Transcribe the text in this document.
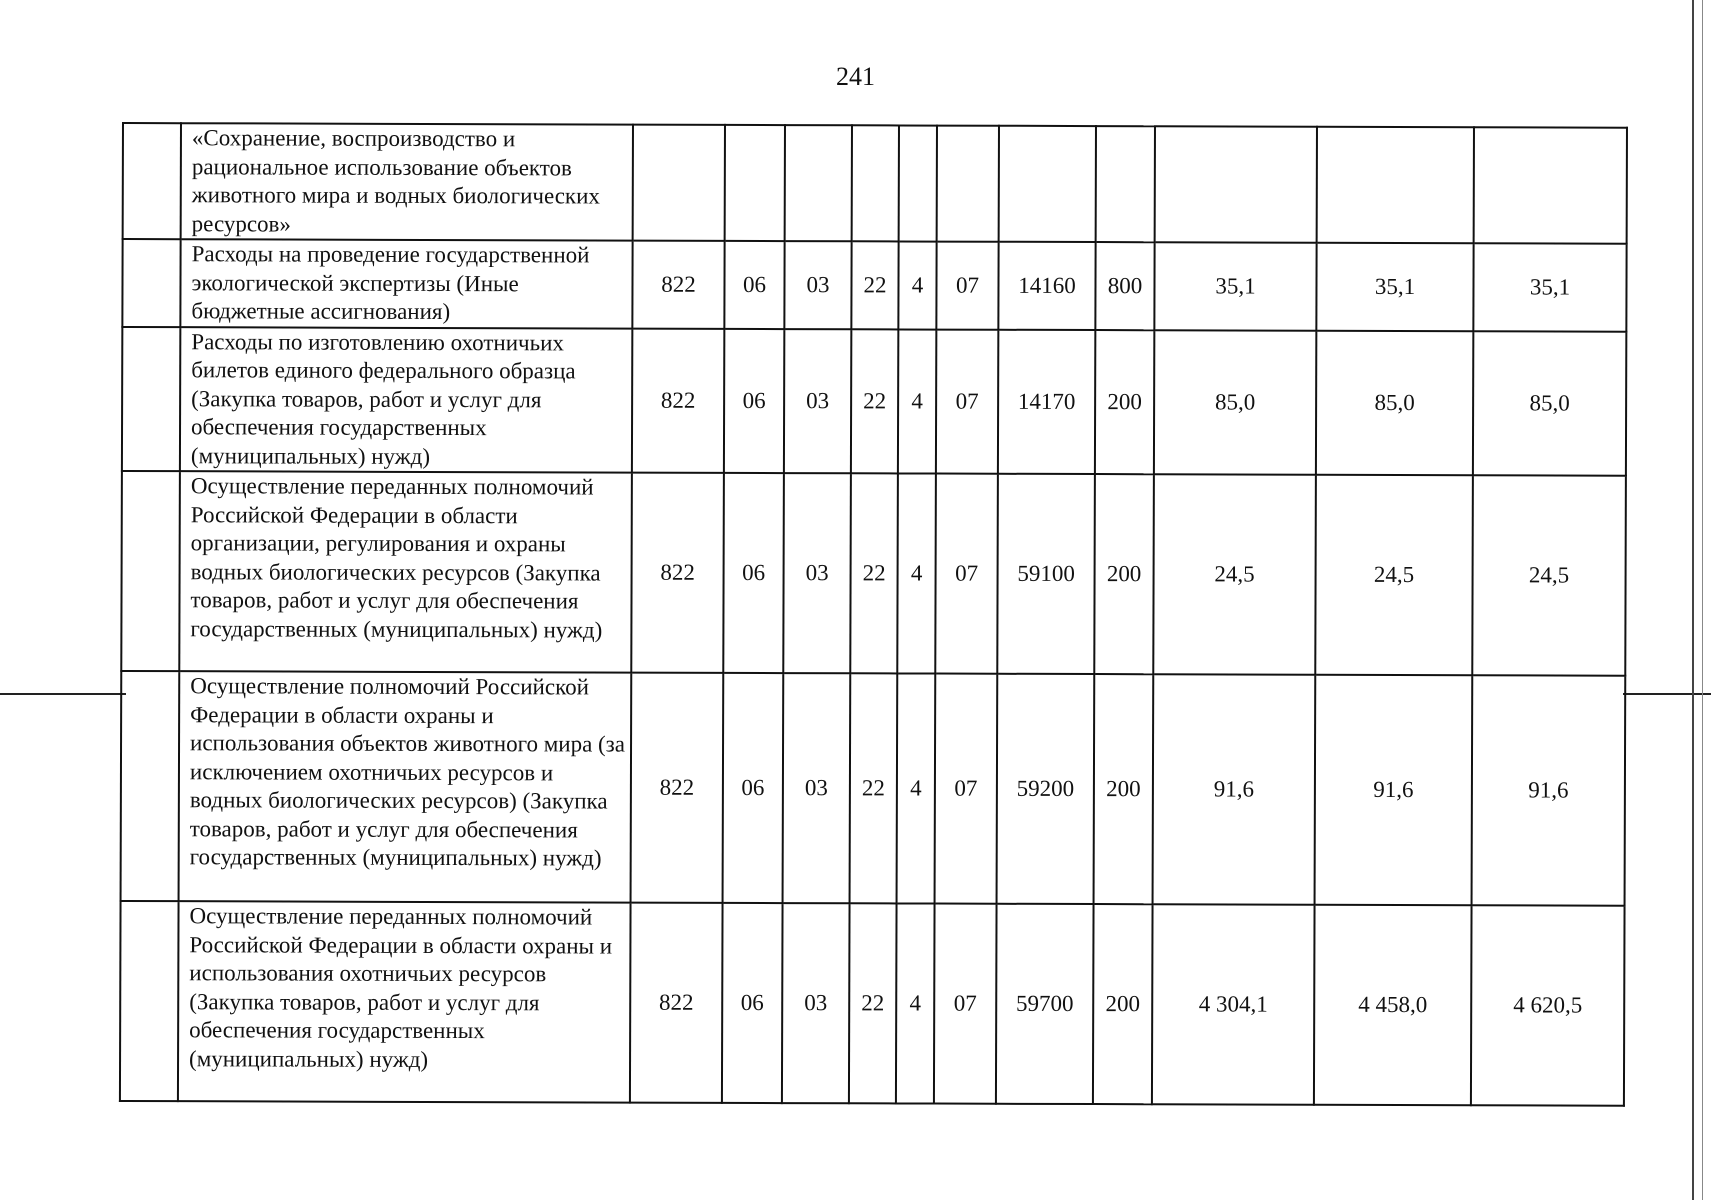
241
	«Сохранение, воспроизводство и рациональное использование объектов животного мира и водных биологических ресурсов»											
	Расходы на проведение государственной экологической экспертизы (Иные бюджетные ассигнования)	822	06	03	22	4	07	14160	800	35,1	35,1	35,1
	Расходы по изготовлению охотничьих билетов единого федерального образца (Закупка товаров, работ и услуг для обеспечения государственных (муниципальных) нужд)	822	06	03	22	4	07	14170	200	85,0	85,0	85,0
	Осуществление переданных полномочий Российской Федерации в области организации, регулирования и охраны водных биологических ресурсов (Закупка товаров, работ и услуг для обеспечения государственных (муниципальных) нужд)	822	06	03	22	4	07	59100	200	24,5	24,5	24,5
	Осуществление полномочий Российской Федерации в области охраны и использования объектов животного мира (за исключением охотничьих ресурсов и водных биологических ресурсов) (Закупка товаров, работ и услуг для обеспечения государственных (муниципальных) нужд)	822	06	03	22	4	07	59200	200	91,6	91,6	91,6
	Осуществление переданных полномочий Российской Федерации в области охраны и использования охотничьих ресурсов (Закупка товаров, работ и услуг для обеспечения государственных (муниципальных) нужд)	822	06	03	22	4	07	59700	200	4 304,1	4 458,0	4 620,5
